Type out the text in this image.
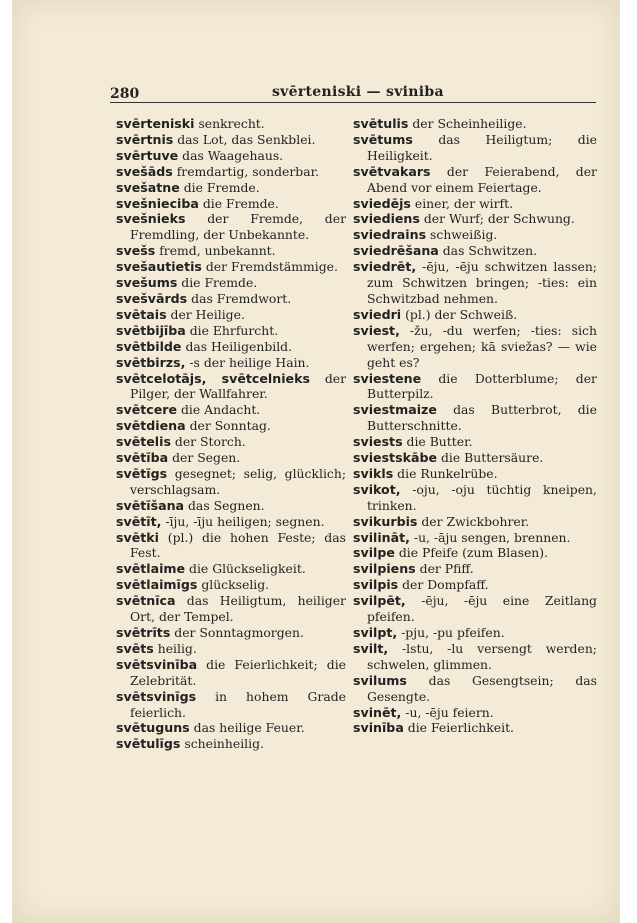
280	svērteniski — sviniba
svērteniski senkrecht.
svērtnis das Lot, das Senkblei.
svērtuve das Waagehaus.
svešāds fremdartig, sonderbar.
svešatne die Fremde.
svešnieciba die Fremde.
svešnieks der Fremde, der Fremdling, der Unbekannte.
svešs fremd, unbekannt.
svešautietis der Fremdstämmige.
svešums die Fremde.
svešvārds das Fremdwort.
svētais der Heilige.
svētbijība die Ehrfurcht.
svētbilde das Heiligenbild.
svētbirzs, -s der heilige Hain.
svētcelotājs, svētcelnieks der Pilger, der Wallfahrer.
svētcere die Andacht.
svētdiena der Sonntag.
svētelis der Storch.
svētība der Segen.
svētīgs gesegnet; selig, glücklich; verschlagsam.
svētīšana das Segnen.
svētīt, -īju, -īju heiligen; segnen.
svētki (pl.) die hohen Feste; das Fest.
svētlaime die Glückseligkeit.
svētlaimīgs glückselig.
svētnīca das Heiligtum, heiliger Ort, der Tempel.
svētrīts der Sonntagmorgen.
svēts heilig.
svētsvinība die Feierlichkeit; die Zelebrität.
svētsvinīgs in hohem Grade feierlich.
svētuguns das heilige Feuer.
svētulīgs scheinheilig.
svētulis der Scheinheilige.
svētums das Heiligtum; die Heiligkeit.
svētvakars der Feierabend, der Abend vor einem Feiertage.
sviedējs einer, der wirft.
sviediens der Wurf; der Schwung.
sviedrains schweißig.
sviedrēšana das Schwitzen.
sviedrēt, -ēju, -ēju schwitzen lassen; zum Schwitzen bringen; -ties: ein Schwitzbad nehmen.
sviedri (pl.) der Schweiß.
sviest, -žu, -du werfen; -ties: sich werfen; ergehen; kā sviežas? — wie geht es?
sviestene die Dotterblume; der Butterpilz.
sviestmaize das Butterbrot, die Butterschnitte.
sviests die Butter.
sviestskābe die Buttersäure.
svikls die Runkelrübe.
svikot, -oju, -oju tüchtig kneipen, trinken.
svikurbis der Zwickbohrer.
svilināt, -u, -āju sengen, brennen.
svilpe die Pfeife (zum Blasen).
svilpiens der Pfiff.
svilpis der Dompfaff.
svilpēt, -ēju, -ēju eine Zeitlang pfeifen.
svilpt, -pju, -pu pfeifen.
svilt, -lstu, -lu versengt werden; schwelen, glimmen.
svilums das Gesengtsein; das Gesengte.
svinēt, -u, -ēju feiern.
svinība die Feierlichkeit.
